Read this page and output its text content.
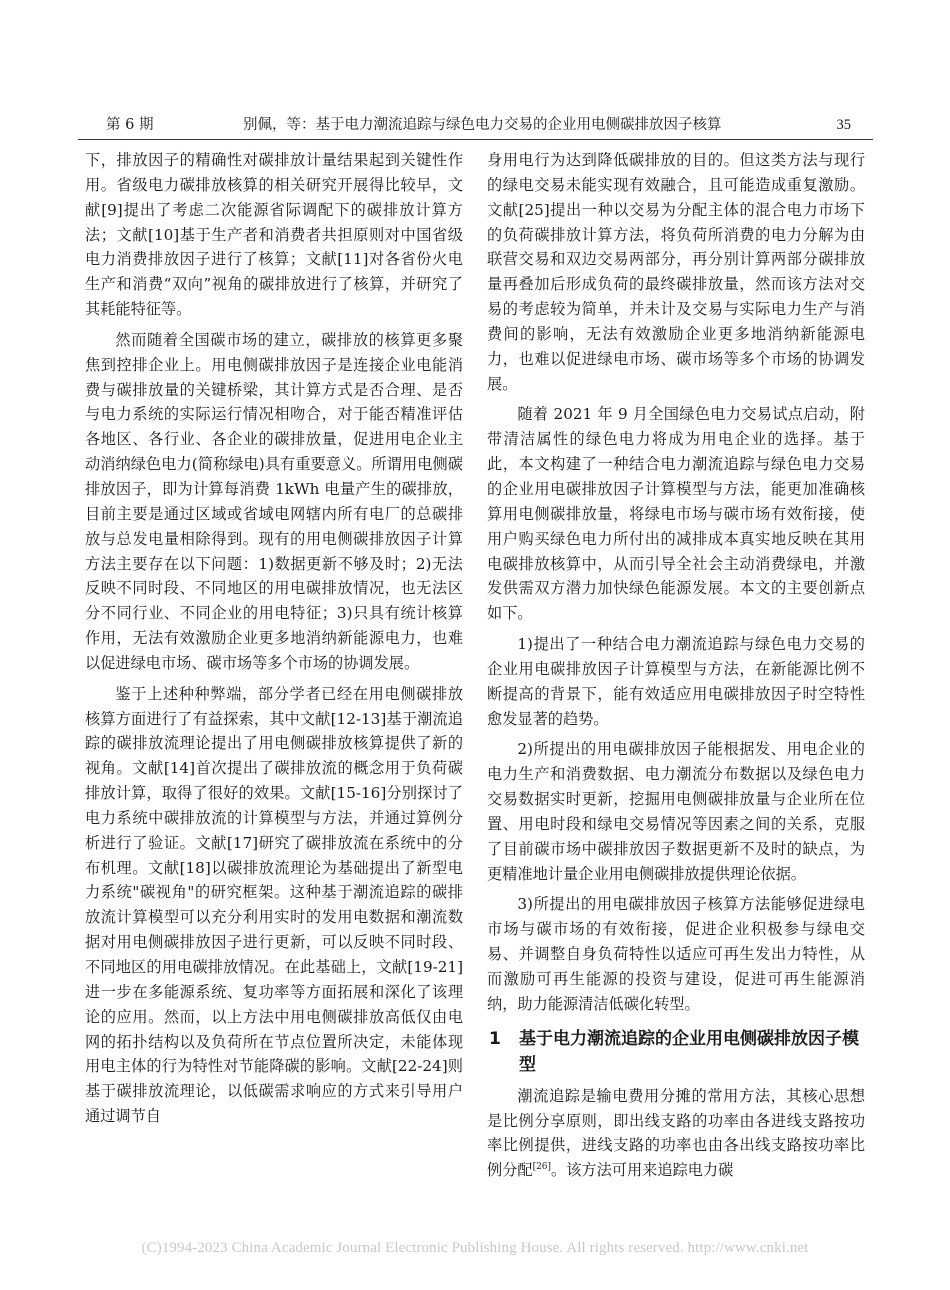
第 6 期	别佩，等：基于电力潮流追踪与绿色电力交易的企业用电侧碳排放因子核算	35

下，排放因子的精确性对碳排放计量结果起到关键性作用。省级电力碳排放核算的相关研究开展得比较早，文献[9]提出了考虑二次能源省际调配下的碳排放计算方法；文献[10]基于生产者和消费者共担原则对中国省级电力消费排放因子进行了核算；文献[11]对各省份火电生产和消费“双向”视角的碳排放进行了核算，并研究了其耗能特征等。

然而随着全国碳市场的建立，碳排放的核算更多聚焦到控排企业上。用电侧碳排放因子是连接企业电能消费与碳排放量的关键桥梁，其计算方式是否合理、是否与电力系统的实际运行情况相吻合，对于能否精准评估各地区、各行业、各企业的碳排放量，促进用电企业主动消纳绿色电力(简称绿电)具有重要意义。所谓用电侧碳排放因子，即为计算每消费 1kWh 电量产生的碳排放，目前主要是通过区域或省域电网辖内所有电厂的总碳排放与总发电量相除得到。现有的用电侧碳排放因子计算方法主要存在以下问题：1)数据更新不够及时；2)无法反映不同时段、不同地区的用电碳排放情况，也无法区分不同行业、不同企业的用电特征；3)只具有统计核算作用，无法有效激励企业更多地消纳新能源电力，也难以促进绿电市场、碳市场等多个市场的协调发展。

鉴于上述种种弊端，部分学者已经在用电侧碳排放核算方面进行了有益探索，其中文献[12-13]基于潮流追踪的碳排放流理论提出了用电侧碳排放核算提供了新的视角。文献[14]首次提出了碳排放流的概念用于负荷碳排放计算，取得了很好的效果。文献[15-16]分别探讨了电力系统中碳排放流的计算模型与方法，并通过算例分析进行了验证。文献[17]研究了碳排放流在系统中的分布机理。文献[18]以碳排放流理论为基础提出了新型电力系统"碳视角"的研究框架。这种基于潮流追踪的碳排放流计算模型可以充分利用实时的发用电数据和潮流数据对用电侧碳排放因子进行更新，可以反映不同时段、不同地区的用电碳排放情况。在此基础上，文献[19-21]进一步在多能源系统、复功率等方面拓展和深化了该理论的应用。然而，以上方法中用电侧碳排放高低仅由电网的拓扑结构以及负荷所在节点位置所决定，未能体现用电主体的行为特性对节能降碳的影响。文献[22-24]则基于碳排放流理论，以低碳需求响应的方式来引导用户通过调节自

身用电行为达到降低碳排放的目的。但这类方法与现行的绿电交易未能实现有效融合，且可能造成重复激励。文献[25]提出一种以交易为分配主体的混合电力市场下的负荷碳排放计算方法，将负荷所消费的电力分解为由联营交易和双边交易两部分，再分别计算两部分碳排放量再叠加后形成负荷的最终碳排放量，然而该方法对交易的考虑较为简单，并未计及交易与实际电力生产与消费间的影响，无法有效激励企业更多地消纳新能源电力，也难以促进绿电市场、碳市场等多个市场的协调发展。

随着 2021 年 9 月全国绿色电力交易试点启动，附带清洁属性的绿色电力将成为用电企业的选择。基于此，本文构建了一种结合电力潮流追踪与绿色电力交易的企业用电碳排放因子计算模型与方法，能更加准确核算用电侧碳排放量，将绿电市场与碳市场有效衔接，使用户购买绿色电力所付出的减排成本真实地反映在其用电碳排放核算中，从而引导全社会主动消费绿电，并激发供需双方潜力加快绿色能源发展。本文的主要创新点如下。

1)提出了一种结合电力潮流追踪与绿色电力交易的企业用电碳排放因子计算模型与方法，在新能源比例不断提高的背景下，能有效适应用电碳排放因子时空特性愈发显著的趋势。

2)所提出的用电碳排放因子能根据发、用电企业的电力生产和消费数据、电力潮流分布数据以及绿色电力交易数据实时更新，挖掘用电侧碳排放量与企业所在位置、用电时段和绿电交易情况等因素之间的关系，克服了目前碳市场中碳排放因子数据更新不及时的缺点，为更精准地计量企业用电侧碳排放提供理论依据。

3)所提出的用电碳排放因子核算方法能够促进绿电市场与碳市场的有效衔接，促进企业积极参与绿电交易、并调整自身负荷特性以适应可再生发出力特性，从而激励可再生能源的投资与建设，促进可再生能源消纳，助力能源清洁低碳化转型。

1	基于电力潮流追踪的企业用电侧碳排放因子模型

潮流追踪是输电费用分摊的常用方法，其核心思想是比例分享原则，即出线支路的功率由各进线支路按功率比例提供，进线支路的功率也由各出线支路按功率比例分配[26]。该方法可用来追踪电力碳

(C)1994-2023 China Academic Journal Electronic Publishing House. All rights reserved. http://www.cnki.net
